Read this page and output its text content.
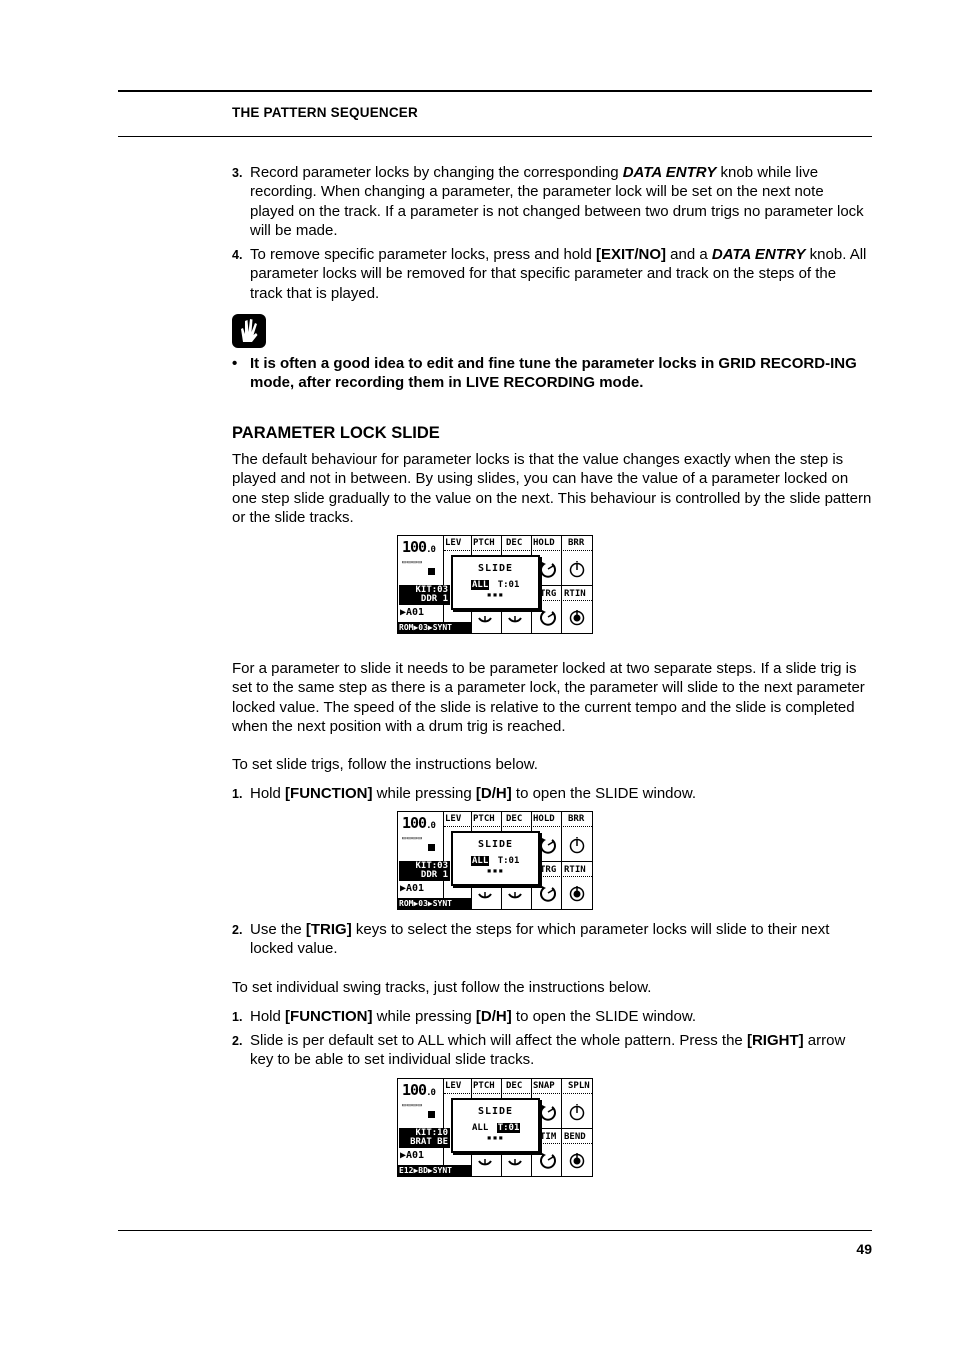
THE PATTERN SEQUENCER
3. Record parameter locks by changing the corresponding DATA ENTRY knob while live recording. When changing a parameter, the parameter lock will be set on the next note played on the track. If a parameter is not changed between two drum trigs no parameter lock will be made.
4. To remove specific parameter locks, press and hold [EXIT/NO] and a DATA ENTRY knob. All parameter locks will be removed for that specific parameter and track on the steps of the track that is played.
• It is often a good idea to edit and fine tune the parameter locks in GRID RECORD-ING mode, after recording them in LIVE RECORDING mode.
PARAMETER LOCK SLIDE
The default behaviour for parameter locks is that the value changes exactly when the step is played and not in between. By using slides, you can have the value of a parameter locked on one step slide gradually to the value on the next. This behaviour is controlled by the slide pattern or the slide tracks.
100.0
▭▭▭▭
LEV PTCH DEC HOLD BRR
TRG RTIN
KIT:03
DDR 1
▶A01
ROM▶03▶SYNT
SLIDE
ALL T:01
▪▪▪
For a parameter to slide it needs to be parameter locked at two separate steps. If a slide trig is set to the same step as there is a parameter lock, the parameter will slide to the next parameter locked value. The speed of the slide is relative to the current tempo and the slide is completed when the next position with a drum trig is reached.
To set slide trigs, follow the instructions below.
1. Hold [FUNCTION] while pressing [D/H] to open the SLIDE window.
100.0
▭▭▭▭
LEV PTCH DEC HOLD BRR
TRG RTIN
KIT:03
DDR 1
▶A01
ROM▶03▶SYNT
SLIDE
ALL T:01
▪▪▪
2. Use the [TRIG] keys to select the steps for which parameter locks will slide to their next locked value.
To set individual swing tracks, just follow the instructions below.
1. Hold [FUNCTION] while pressing [D/H] to open the SLIDE window.
2. Slide is per default set to ALL which will affect the whole pattern. Press the [RIGHT] arrow key to be able to set individual slide tracks.
100.0
▭▭▭▭
LEV PTCH DEC SNAP SPLN
TIM BEND
KIT:10
BRAT BE
▶A01
E12▶BD▶SYNT
SLIDE
ALL T:01
▪▪▪
49
